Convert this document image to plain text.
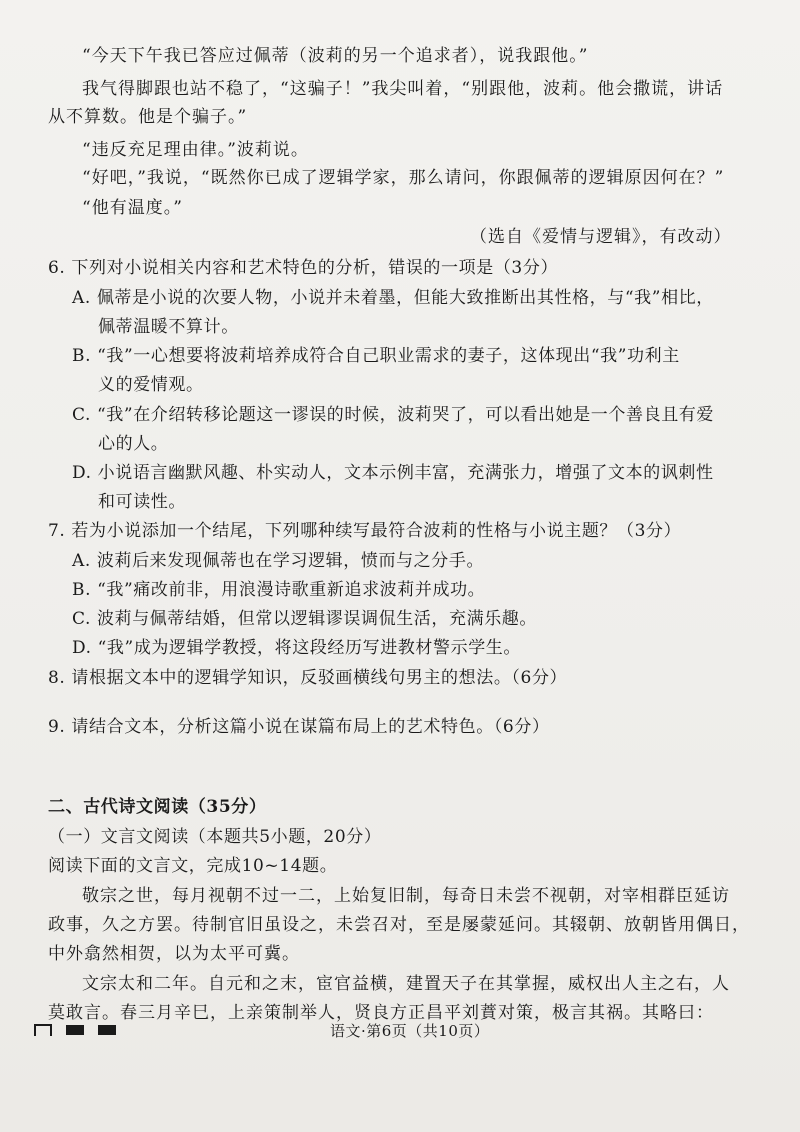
“今天下午我已答应过佩蒂（波莉的另一个追求者），说我跟他。”
我气得脚跟也站不稳了，“这骗子！”我尖叫着，“别跟他，波莉。他会撒谎，讲话
从不算数。他是个骗子。”
“违反充足理由律。”波莉说。
“好吧，”我说，“既然你已成了逻辑学家，那么请问，你跟佩蒂的逻辑原因何在？”
“他有温度。”
（选自《爱情与逻辑》，有改动）
6. 下列对小说相关内容和艺术特色的分析，错误的一项是（3分）
A. 佩蒂是小说的次要人物，小说并未着墨，但能大致推断出其性格，与“我”相比，
佩蒂温暖不算计。
B. “我”一心想要将波莉培养成符合自己职业需求的妻子，这体现出“我”功利主
义的爱情观。
C. “我”在介绍转移论题这一谬误的时候，波莉哭了，可以看出她是一个善良且有爱
心的人。
D. 小说语言幽默风趣、朴实动人，文本示例丰富，充满张力，增强了文本的讽刺性
和可读性。
7. 若为小说添加一个结尾，下列哪种续写最符合波莉的性格与小说主题？（3分）
A. 波莉后来发现佩蒂也在学习逻辑，愤而与之分手。
B. “我”痛改前非，用浪漫诗歌重新追求波莉并成功。
C. 波莉与佩蒂结婚，但常以逻辑谬误调侃生活，充满乐趣。
D. “我”成为逻辑学教授，将这段经历写进教材警示学生。
8. 请根据文本中的逻辑学知识，反驳画横线句男主的想法。（6分）
9. 请结合文本，分析这篇小说在谋篇布局上的艺术特色。（6分）
二、古代诗文阅读（35分）
（一）文言文阅读（本题共5小题，20分）
阅读下面的文言文，完成10~14题。
敬宗之世，每月视朝不过一二，上始复旧制，每奇日未尝不视朝，对宰相群臣延访
政事，久之方罢。待制官旧虽设之，未尝召对，至是屡蒙延问。其辍朝、放朝皆用偶日，
中外翕然相贺，以为太平可冀。
文宗太和二年。自元和之末，宦官益横，建置天子在其掌握，威权出人主之右，人
莫敢言。春三月辛巳，上亲策制举人，贤良方正昌平刘蕡对策，极言其祸。其略曰：
语文·第6页（共10页）
